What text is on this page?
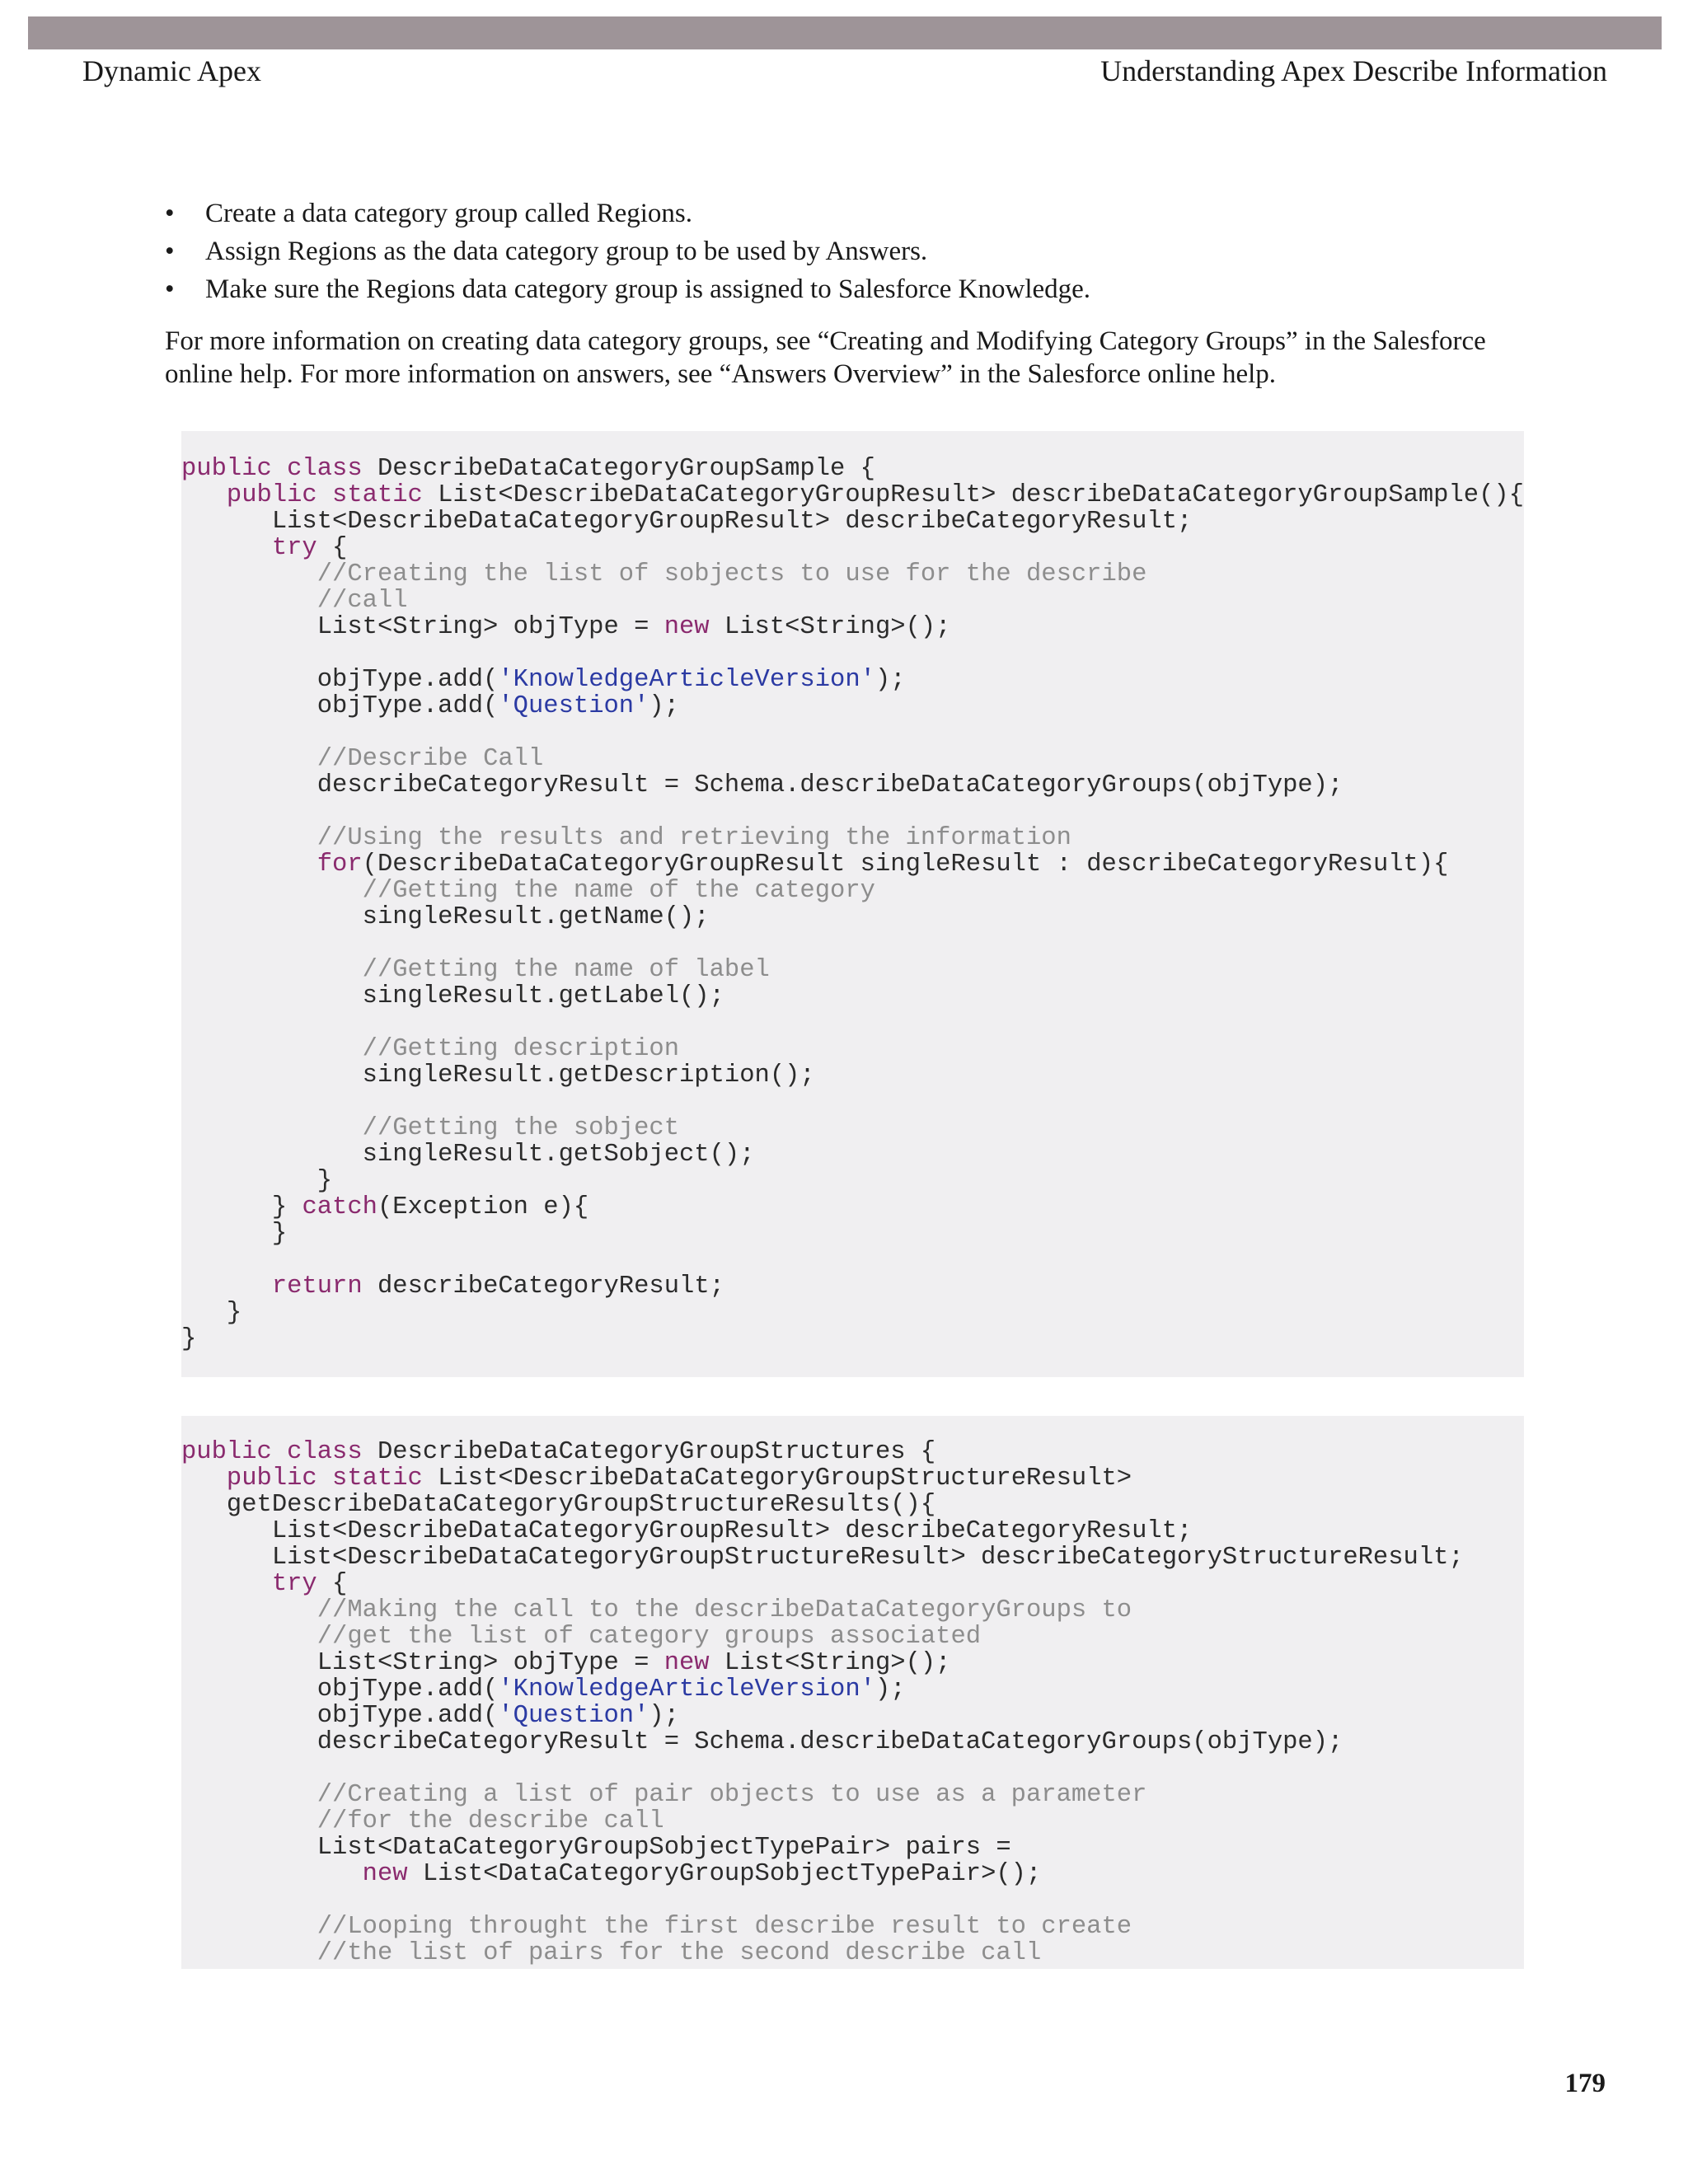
Dynamic Apex	Understanding Apex Describe Information
• Create a data category group called Regions.
• Assign Regions as the data category group to be used by Answers.
• Make sure the Regions data category group is assigned to Salesforce Knowledge.

For more information on creating data category groups, see “Creating and Modifying Category Groups” in the Salesforce online help. For more information on answers, see “Answers Overview” in the Salesforce online help.

public class DescribeDataCategoryGroupSample {
public static List<DescribeDataCategoryGroupResult> describeDataCategoryGroupSample(){
List<DescribeDataCategoryGroupResult> describeCategoryResult;
try {
//Creating the list of sobjects to use for the describe
//call
List<String> objType = new List<String>();
objType.add('KnowledgeArticleVersion');
objType.add('Question');
//Describe Call
describeCategoryResult = Schema.describeDataCategoryGroups(objType);
//Using the results and retrieving the information
for(DescribeDataCategoryGroupResult singleResult : describeCategoryResult){
//Getting the name of the category
singleResult.getName();
//Getting the name of label
singleResult.getLabel();
//Getting description
singleResult.getDescription();
//Getting the sobject
singleResult.getSobject();
}
} catch(Exception e){
}
return describeCategoryResult;
}
}
public class DescribeDataCategoryGroupStructures {
public static List<DescribeDataCategoryGroupStructureResult>
getDescribeDataCategoryGroupStructureResults(){
List<DescribeDataCategoryGroupResult> describeCategoryResult;
List<DescribeDataCategoryGroupStructureResult> describeCategoryStructureResult;
try {
//Making the call to the describeDataCategoryGroups to
//get the list of category groups associated
List<String> objType = new List<String>();
objType.add('KnowledgeArticleVersion');
objType.add('Question');
describeCategoryResult = Schema.describeDataCategoryGroups(objType);
//Creating a list of pair objects to use as a parameter
//for the describe call
List<DataCategoryGroupSobjectTypePair> pairs =
new List<DataCategoryGroupSobjectTypePair>();
//Looping throught the first describe result to create
//the list of pairs for the second describe call
179
